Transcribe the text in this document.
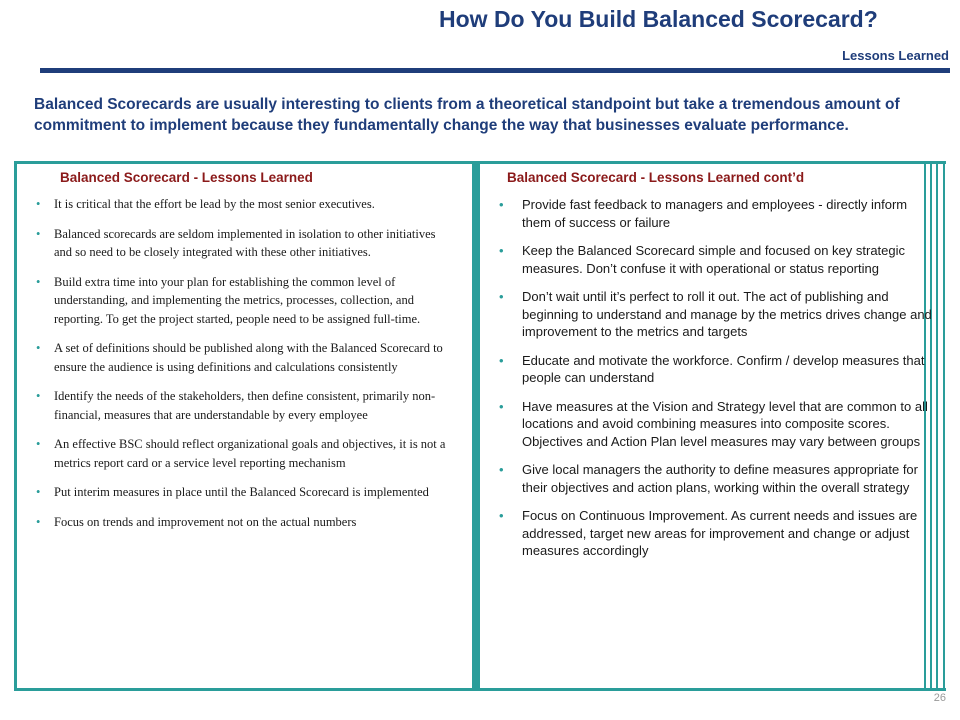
How Do You Build Balanced Scorecard?
Lessons Learned
Balanced Scorecards are usually interesting to clients from a theoretical standpoint but take a tremendous amount of commitment to implement because they fundamentally change the way that businesses evaluate performance.
Balanced Scorecard - Lessons Learned	Balanced Scorecard - Lessons Learned cont’d
• It is critical that the effort be lead by the most senior executives.
• Balanced scorecards are seldom implemented in isolation to other initiatives and so need to be closely integrated with these other initiatives.
• Build extra time into your plan for establishing the common level of understanding, and implementing the metrics, processes, collection, and reporting. To get the project started, people need to be assigned full-time.
• A set of definitions should be published along with the Balanced Scorecard to ensure the audience is using definitions and calculations consistently
• Identify the needs of the stakeholders, then define consistent, primarily non-financial, measures that are understandable by every employee
• An effective BSC should reflect organizational goals and objectives, it is not a metrics report card or a service level reporting mechanism
• Put interim measures in place until the Balanced Scorecard is implemented
• Focus on trends and improvement not on the actual numbers
• Provide fast feedback to managers and employees - directly inform them of success or failure
• Keep the Balanced Scorecard simple and focused on key strategic measures. Don’t confuse it with operational or status reporting
• Don’t wait until it’s perfect to roll it out. The act of publishing and beginning to understand and manage by the metrics drives change and improvement to the metrics and targets
• Educate and motivate the workforce. Confirm / develop measures that people can understand
• Have measures at the Vision and Strategy level that are common to all locations and avoid combining measures into composite scores. Objectives and Action Plan level measures may vary between groups
• Give local managers the authority to define measures appropriate for their objectives and action plans, working within the overall strategy
• Focus on Continuous Improvement. As current needs and issues are addressed, target new areas for improvement and change or adjust measures accordingly
26
